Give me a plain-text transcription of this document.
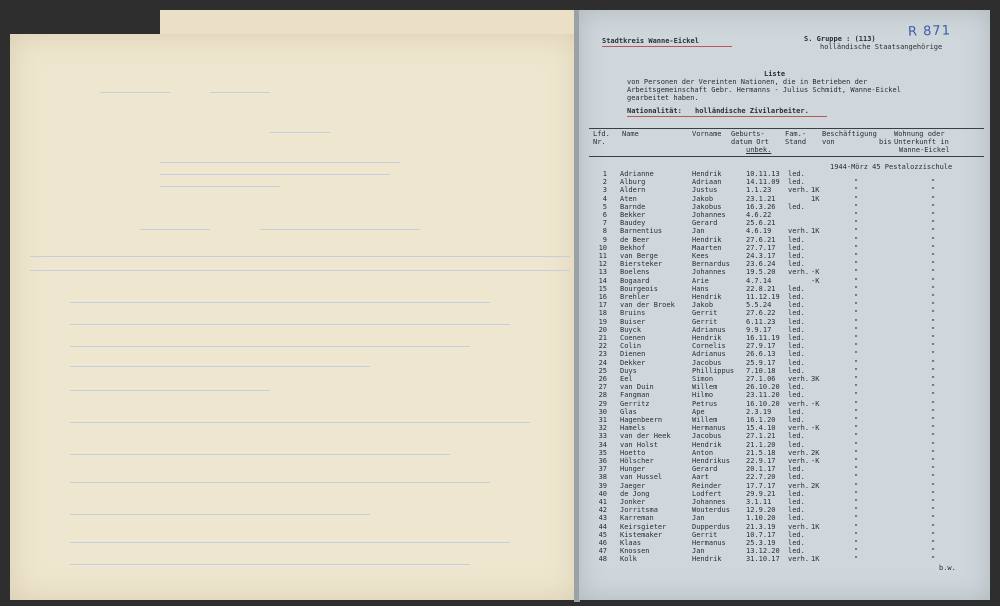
Stadtkreis Wanne-Eickel	S. Gruppe : (113)
holländische Staatsangehörige
R 871
Liste
von Personen der Vereinten Nationen, die in Betrieben der
Arbeitsgemeinschaft Gebr. Hermanns - Julius Schmidt, Wanne-Eickel
gearbeitet haben.
Nationalität: holländische Zivilarbeiter.
Lfd. Nr.
Name	Vorname Geburts- datum Ort
unbek.
Fam.- Stand
Beschäftigung von	bis
Wohnung oder Unterkunft in
Wanne-Eickel
1944-Mörz 45 Pestalozzischule
1 Adrianne	Hendrik	10.11.13 led.
2 Alburg	Adriaan	14.11.09 led.	"	"
3 Aldern	Justus	1.1.23 verh. 1K	"	"
4 Aten	Jakob	23.1.21	1K	"	"
5 Barnde	Jakobus	16.3.26 led.	"	"
6 Bekker	Johannes	4.6.22	"	"
7 Baudey	Gerard	25.6.21	"	"
8 Barnentius	Jan	4.6.19 verh. 1K	"	"
9 de Beer	Hendrik	27.6.21 led.	"	"
10 Bekhof	Maarten	27.7.17 led.	"	"
11 van Berge	Kees	24.3.17 led.	"	"
12 Biersteker	Bernardus 23.6.24 led.	"	"
13 Boelens	Johannes	19.5.20 verh. -K	"	"
14 Bogaard	Arie	4.7.14	-K	"	"
15 Bourgeois	Hans	22.8.21 led.	"	"
16 Brehler	Hendrik	11.12.19 led.	"	"
17 van der Broek Jakob	5.5.24 led.	"	"
18 Bruins	Gerrit	27.6.22 led.	"	"
19 Buiser	Gerrit	6.11.23 led.	"	"
20 Buyck	Adrianus	9.9.17 led.	"	"
21 Coenen	Hendrik	16.11.19 led.	"	"
22 Colin	Cornelis	27.9.17 led.	"	"
23 Dienen	Adrianus	26.6.13 led.	"	"
24 Dekker	Jacobus	25.9.17 led.	"	"
25 Duys	Phillippus 7.10.18 led.	"	"
26 Eel	Simon	27.1.06 verh. 3K	"	"
27 van Duin	Willem	26.10.20 led.	"	"
28 Fangman	Hilmo	23.11.20 led.	"	"
29 Gerritz	Petrus	16.10.20 verh. -K	"	"
30 Glas	Ape	2.3.19 led.	"	"
31 Hagenbeern	Willem	16.1.20 led.	"	"
32 Hamels	Hermanus	15.4.10 verh. -K	"	"
33 van der Heek	Jacobus	27.1.21 led.	"	"
34 van Holst	Hendrik	21.1.20 led.	"	"
35 Hoetto	Anton	21.5.18 verh. 2K	"	"
36 Hölscher	Hendrikus 22.9.17 verh. -K	"	"
37 Hunger	Gerard	20.1.17 led.	"	"
38 van Hussel	Aart	22.7.20 led.	"	"
39 Jaeger	Reinder	17.7.17 verh. 2K	"	"
40 de Jong	Lodfert	29.9.21 led.	"	"
41 Jonker	Johannes	3.1.11 led.	"	"
42 Jorritsma	Wouterdus 12.9.20 led.	"	"
43 Karreman	Jan	1.10.20 led.	"	"
44 Keirsgieter	Dupperdus 21.3.19 verh. 1K	"	"
45 Kistemaker	Gerrit	10.7.17 led.	"	"
46 Klaas	Hermanus	25.3.19 led.	"	"
47 Knossen	Jan	13.12.20 led.	"	"
48 Kolk	Hendrik	31.10.17 verh. 1K	"	"
b.w.
